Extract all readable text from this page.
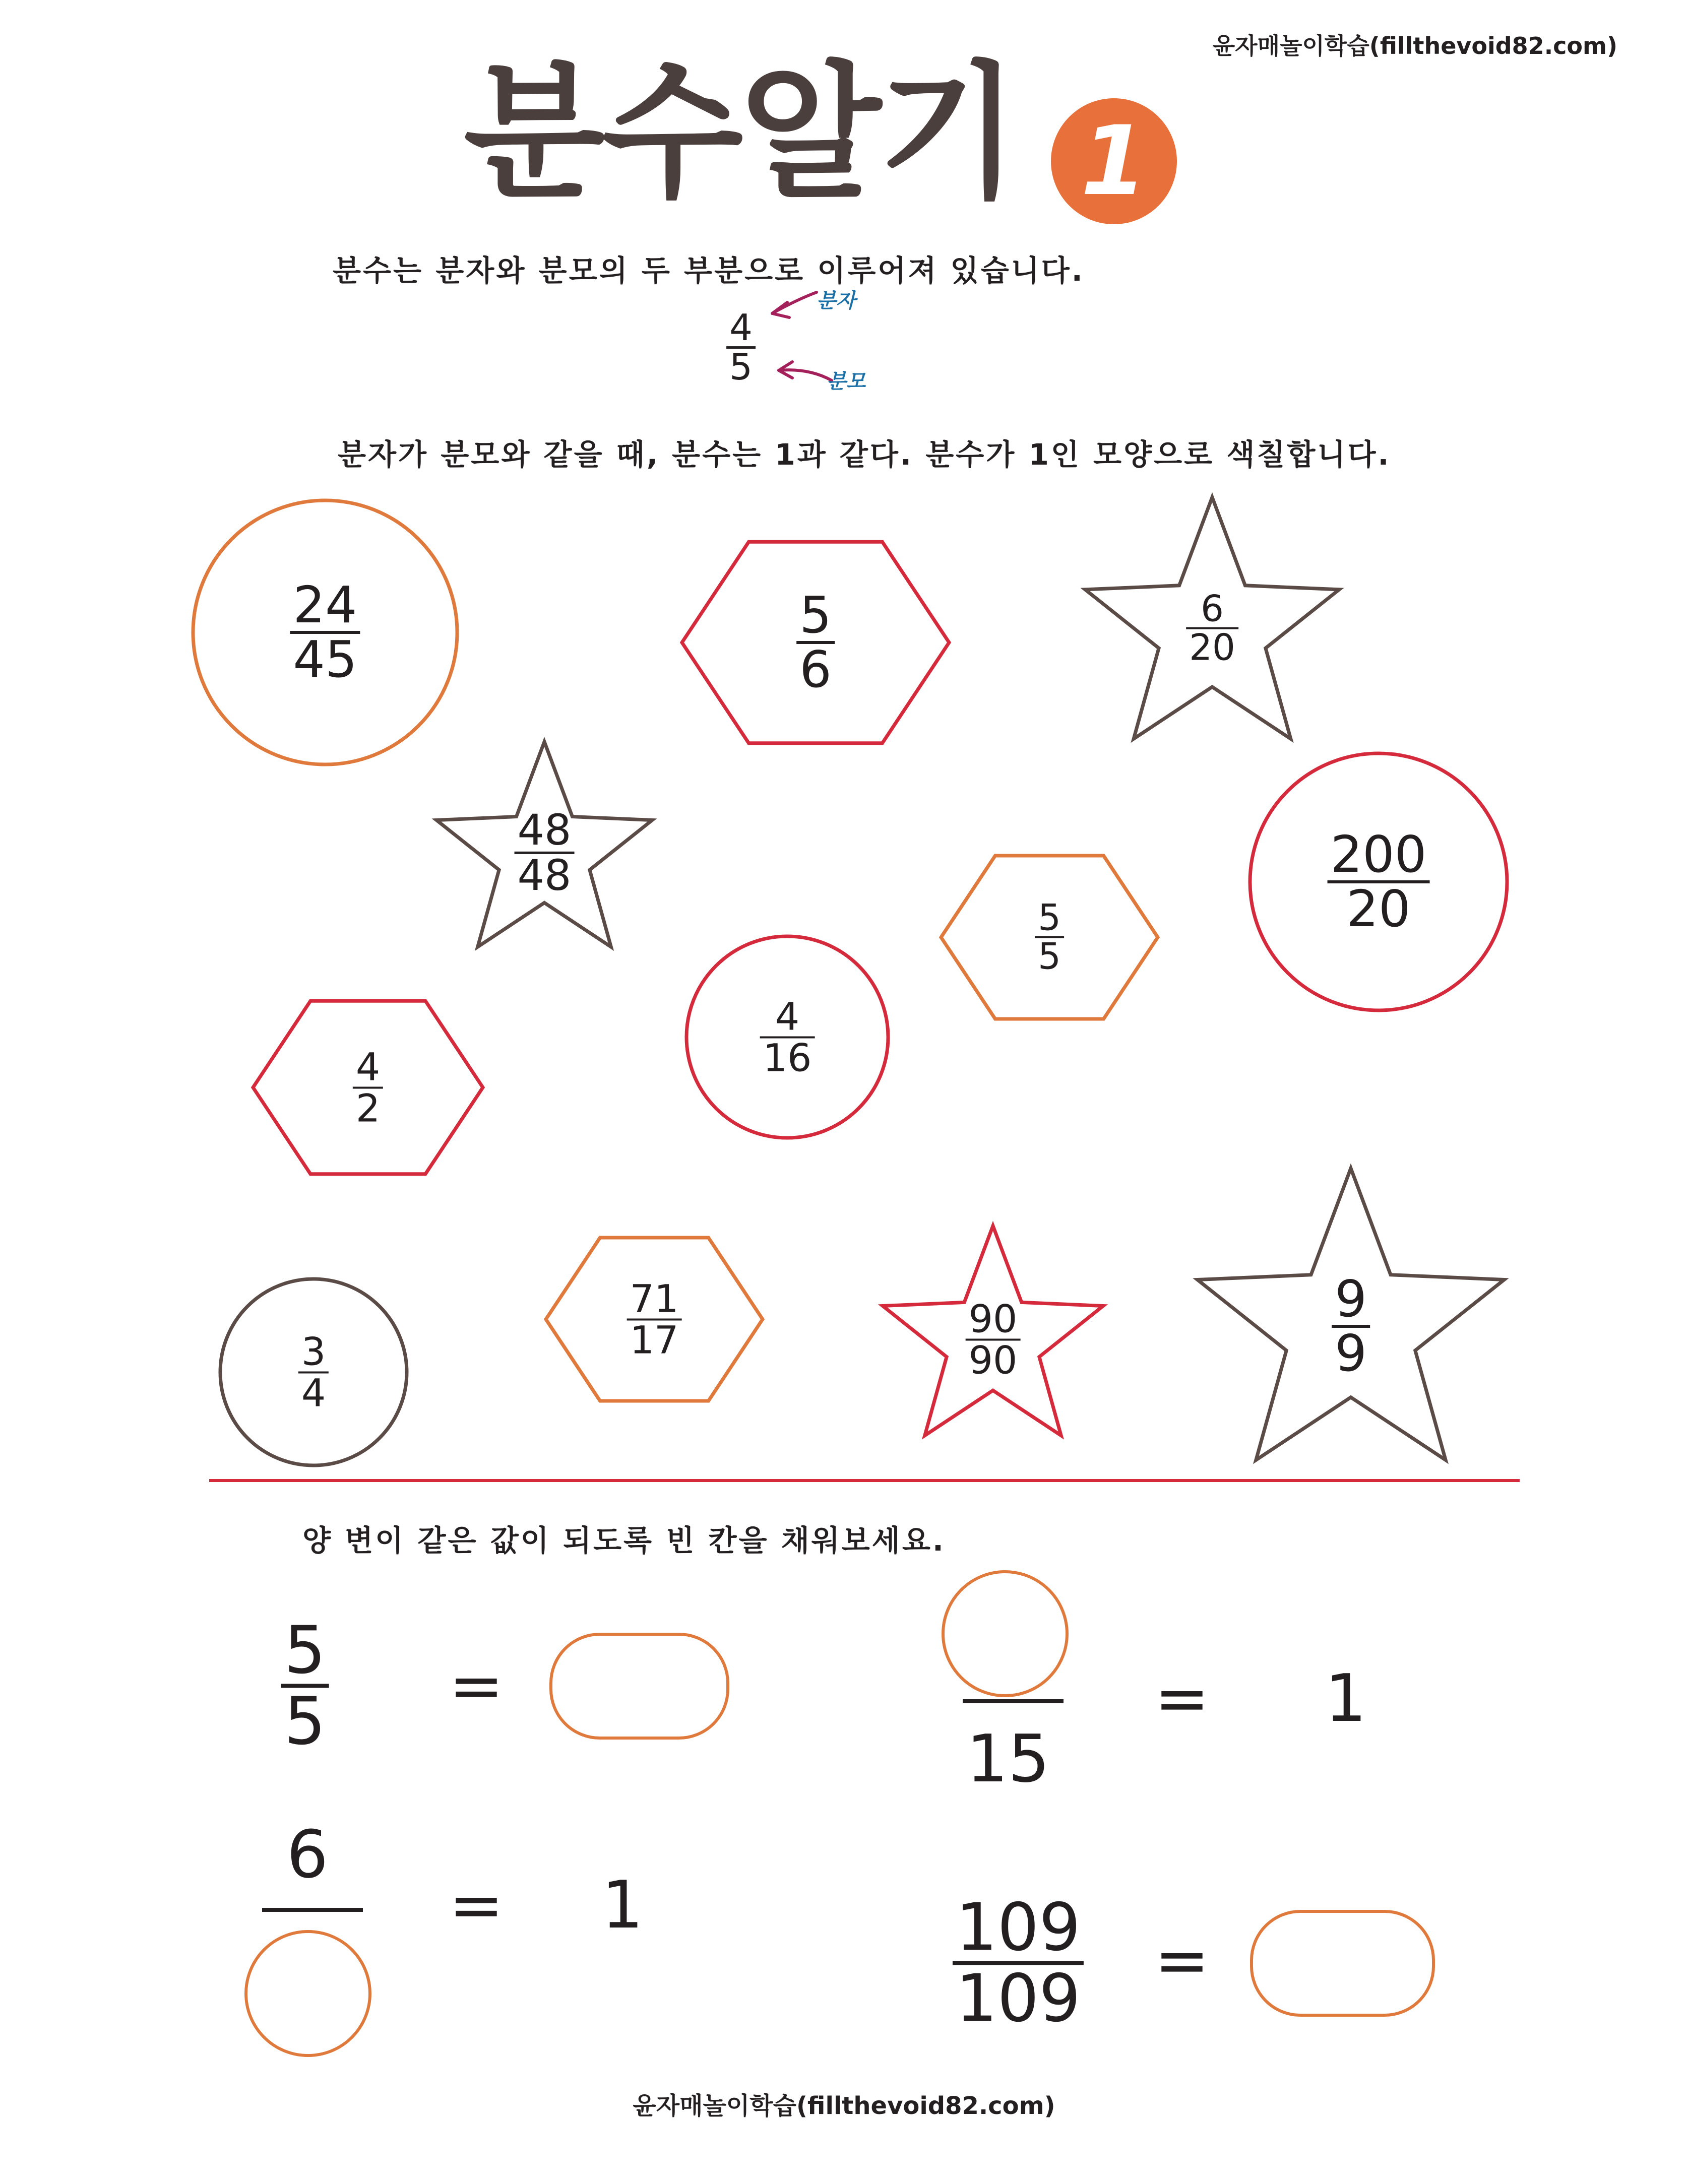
윤자매놀이학습(fillthevoid82.com)
분수알기 1
분수는 분자와 분모의 두 부분으로 이루어져 있습니다.
4
5
분자
분모
분자가 분모와 같을 때, 분수는 1과 같다. 분수가 1인 모양으로 색칠합니다.
24
45
5
6
6
20
48
48	200
20
5
5
4
16
4
2
3
4
71
17	90
90
9
9
양 변이 같은 값이 되도록 빈 칸을 채워보세요.
5
5 =
15
= 1
6
= 1	109
109 =
윤자매놀이학습(fillthevoid82.com)
